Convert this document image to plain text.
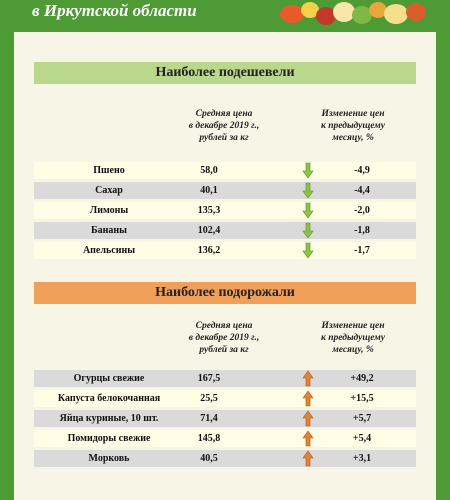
в Иркутской области
Наиболее подешевели
Средняя цена
в декабре 2019 г.,
рублей за кг
Изменение цен
к предыдущему
месяцу, %
Пшено	58,0	-4,9
Сахар	40,1	-4,4
Лимоны	135,3	-2,0
Бананы	102,4	-1,8
Апельсины	136,2	-1,7
Наиболее подорожали
Средняя цена
в декабре 2019 г.,
рублей за кг
Изменение цен
к предыдущему
месяцу, %
Огурцы свежие	167,5	+49,2
Капуста белокочанная	25,5	+15,5
Яйца куриные, 10 шт.	71,4	+5,7
Помидоры свежие	145,8	+5,4
Морковь	40,5	+3,1
